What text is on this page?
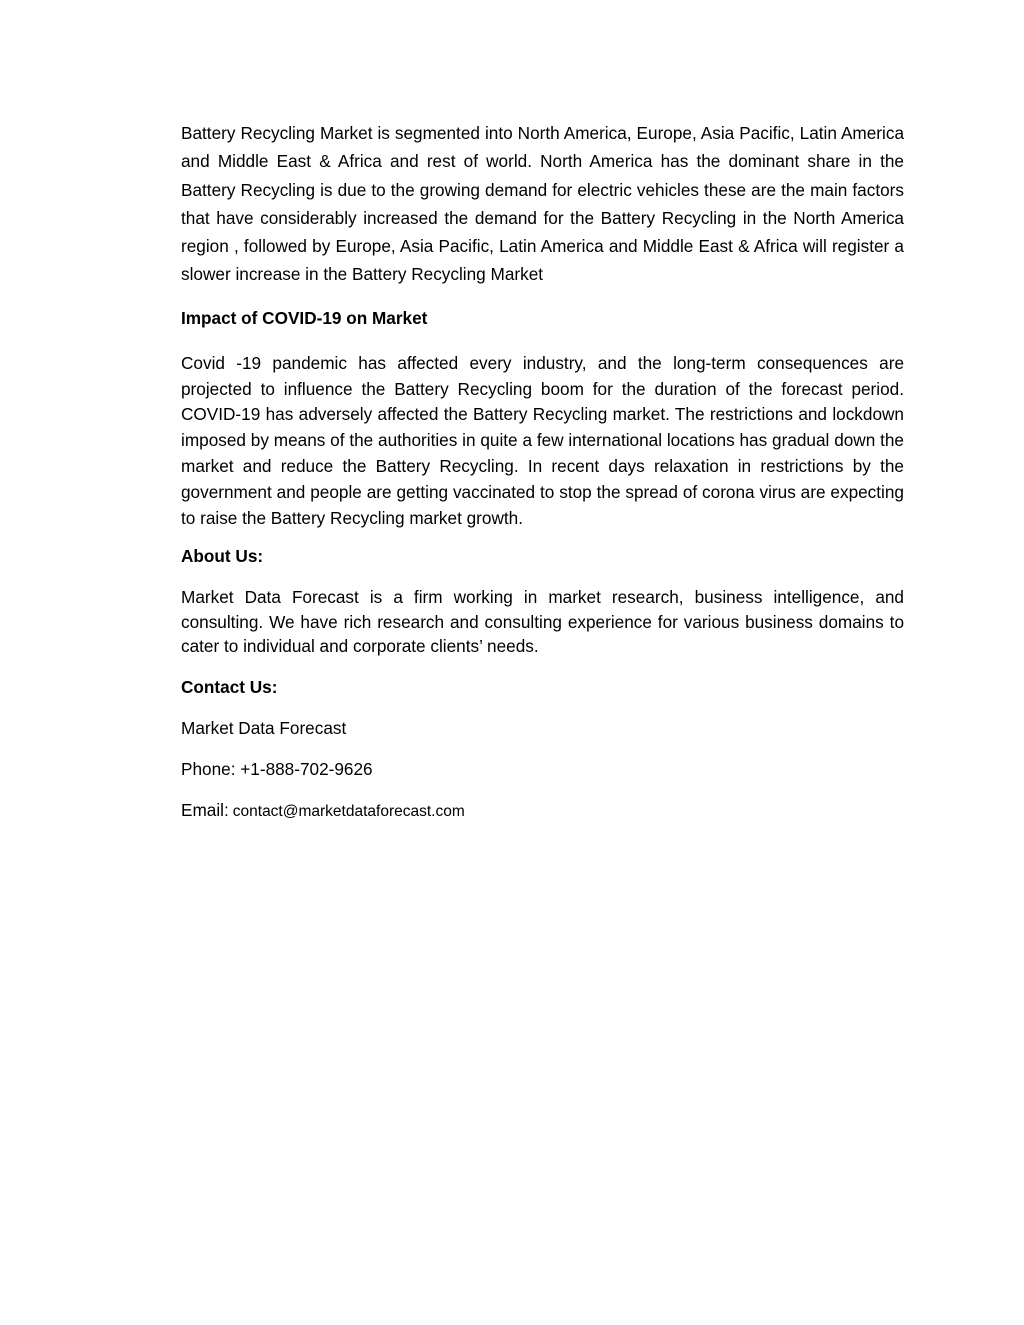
Battery Recycling Market is segmented into North America, Europe, Asia Pacific, Latin America and Middle East & Africa and rest of world. North America has the dominant share in the Battery Recycling is due to the growing demand for electric vehicles these are the main factors that have considerably increased the demand for the Battery Recycling in the North America region , followed by Europe, Asia Pacific, Latin America and Middle East & Africa will register a slower increase in the Battery Recycling Market

Impact of COVID-19 on Market

Covid -19 pandemic has affected every industry, and the long-term consequences are projected to influence the Battery Recycling boom for the duration of the forecast period. COVID-19 has adversely affected the Battery Recycling market. The restrictions and lockdown imposed by means of the authorities in quite a few international locations has gradual down the market and reduce the Battery Recycling. In recent days relaxation in restrictions by the government and people are getting vaccinated to stop the spread of corona virus are expecting to raise the Battery Recycling market growth.

About Us:

Market Data Forecast is a firm working in market research, business intelligence, and consulting. We have rich research and consulting experience for various business domains to cater to individual and corporate clients’ needs.

Contact Us:

Market Data Forecast

Phone: +1-888-702-9626

Email: contact@marketdataforecast.com
